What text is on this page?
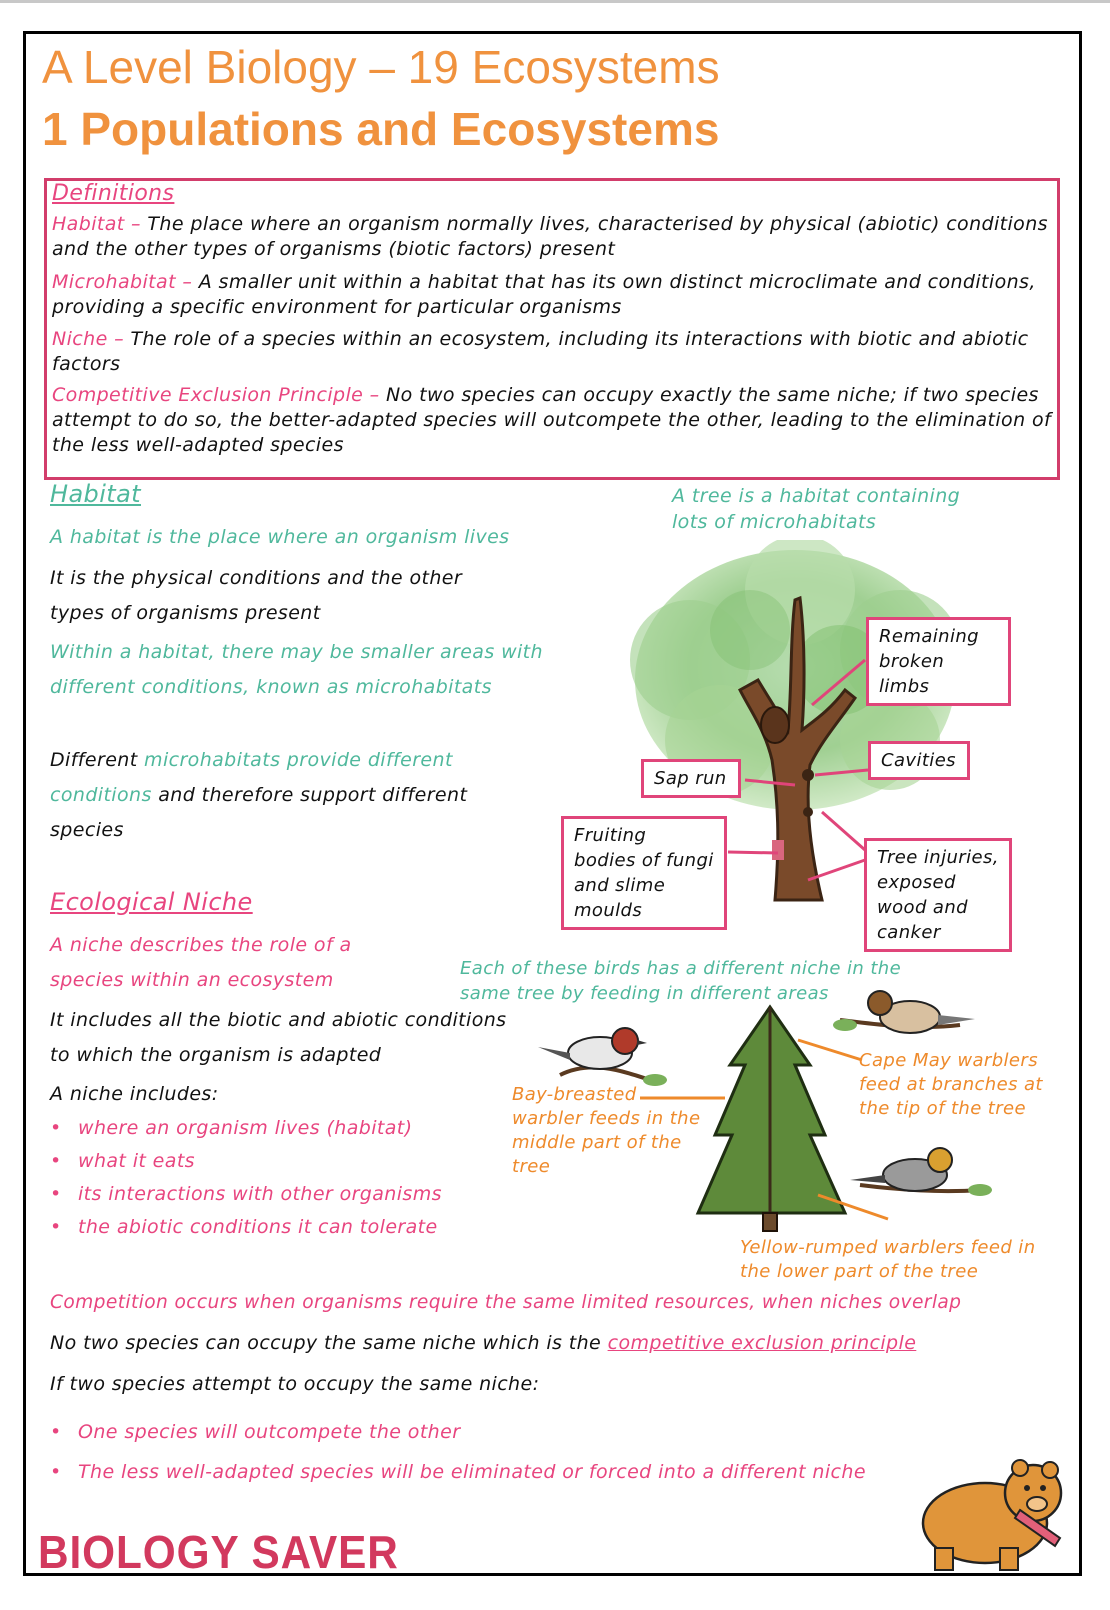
A Level Biology – 19 Ecosystems
1 Populations and Ecosystems
Definitions
Habitat – The place where an organism normally lives, characterised by physical (abiotic) conditions and the other types of organisms (biotic factors) present
Microhabitat – A smaller unit within a habitat that has its own distinct microclimate and conditions, providing a specific environment for particular organisms
Niche – The role of a species within an ecosystem, including its interactions with biotic and abiotic factors
Competitive Exclusion Principle – No two species can occupy exactly the same niche; if two species attempt to do so, the better-adapted species will outcompete the other, leading to the elimination of the less well-adapted species
Habitat
A habitat is the place where an organism lives
It is the physical conditions and the other types of organisms present
Within a habitat, there may be smaller areas with different conditions, known as microhabitats
Different microhabitats provide different conditions and therefore support different species
A tree is a habitat containing lots of microhabitats
Remaining broken limbs
Cavities
Sap run
Fruiting bodies of fungi and slime moulds
Tree injuries, exposed wood and canker
Ecological Niche
A niche describes the role of a species within an ecosystem
It includes all the biotic and abiotic conditions to which the organism is adapted
A niche includes:
• where an organism lives (habitat)
• what it eats
• its interactions with other organisms
• the abiotic conditions it can tolerate
Each of these birds has a different niche in the same tree by feeding in different areas
Bay-breasted warbler feeds in the middle part of the tree
Cape May warblers feed at branches at the tip of the tree
Yellow-rumped warblers feed in the lower part of the tree
Competition occurs when organisms require the same limited resources, when niches overlap
No two species can occupy the same niche which is the competitive exclusion principle
If two species attempt to occupy the same niche:
• One species will outcompete the other
• The less well-adapted species will be eliminated or forced into a different niche
BIOLOGY SAVER
